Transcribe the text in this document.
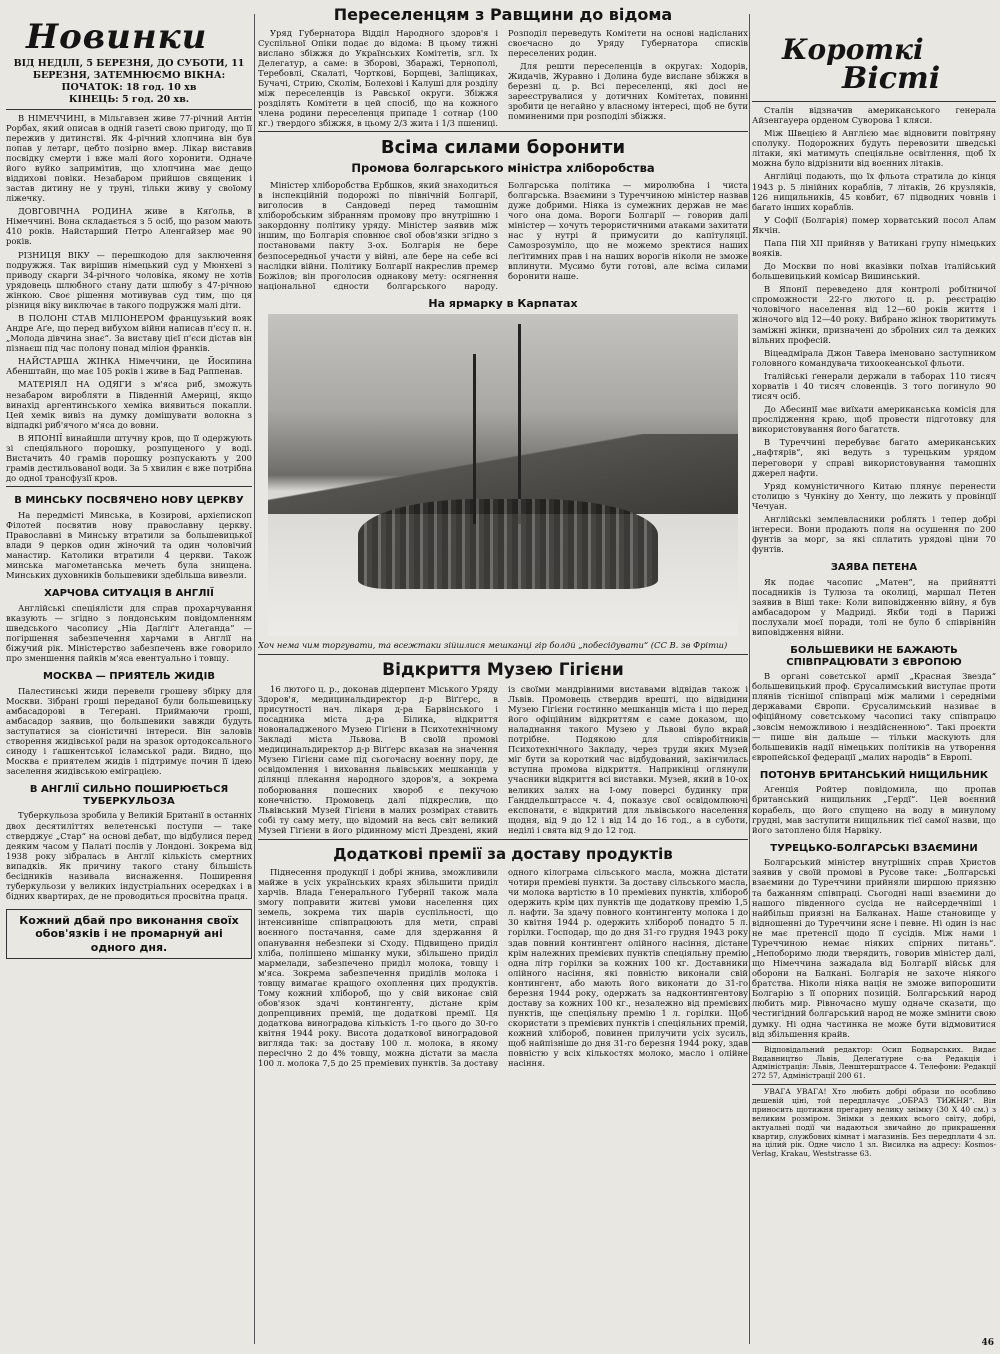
Новинки
ВІД НЕДІЛІ, 5 БЕРЕЗНЯ, ДО СУБОТИ, 11 БЕРЕЗНЯ, ЗАТЕМНЮЄМО ВІКНА:
ПОЧАТОК: 18 год. 10 хв
КІНЕЦЬ: 5 год. 20 хв.

В НІМЕЧЧИНІ, в Мільгавзен живе 77-річний Антін Рорбах, який описав в одній газеті свою пригоду, що її пережив у дитинстві. Як 4-річний хлопчина він був попав у летарг, цебто позірно вмер. Лікар виставив посвідку смерти і вже малі його хоронити. Одначе його вуйко запримітив, що хлопчина має дещо віддихові повіки. Незабаром прийшов священик і застав дитину не у труні, тільки живу у своїому ліжечку.

ДОВГОВІЧНА РОДИНА живе в Кяґольв, в Німеччині. Вона складається з 5 осіб, що разом мають 410 років. Найстарший Петро Аленгайзер має 90 років.

РІЗНИЦЯ ВІКУ — перешкодою для заключення подружжя. Так вирішив німецький суд у Мюнхені з приводу скарги 34-річного чоловіка, якому не хотів урядовець шлюбного стану дати шлюбу з 47-річною жінкою. Своє рішення мотивував суд тим, що ця різниця віку виключає в такого подружжя малі діти.

В ПОЛОНІ СТАВ МІЛІОНЕРОМ французький вояк Андре Аґе, що перед вибухом війни написав п'єсу п. н. „Молода дівчина знає“. За виставу цієї п'єси дістав він пізнаєш під час полону понад міліон франків.

НАЙСТАРША ЖІНКА Німеччини, це Йосипина Абенштайн, що має 105 років і живе в Бад Раппенав.

МАТЕРІЯЛ НА ОДЯГИ з м'яса риб, зможуть незабаром виробляти в Південній Америці, якщо винахід аргентинського хеміка виявиться покапли. Цей хемік вивіз на думку домішувати волокна з відпадкі риб'ячого м'яса до вовни.

В ЯПОНІЇ винайшли штучну кров, що її одержують зі спеціяльного порошку, розпущеного у воді. Вистачить 40 грамів порошку розпускають у 200 грамів дестильованої води. За 5 хвилин є вже потрібна до одної трансфузії кров.

В МИНСЬКУ ПОСВЯЧЕНО НОВУ ЦЕРКВУ

На передмісті Минська, в Козирові, архієпископ Філотей посвятив нову православну церкву. Православні в Минську втратили за большевицької влади 9 церков один жіночий та один чоловічий манастир. Католики втратили 4 церкви. Також минська магометанська мечеть була знищена. Минських духовників большевики здебільша вивезли.

ХАРЧОВА СИТУАЦІЯ В АНГЛІЇ

Англійські спеціялісти для справ прохарчування вказують — згідно з лондонським повідомленням шведського часопису „Ніа Даґліґт Алеганда“ — погіршення забезпечення харчами в Англії на біжучий рік. Міністерство забезпечень вже говорило про зменшення пайків м'яса евентуально і товщу.

МОСКВА — ПРИЯТЕЛЬ ЖИДІВ

Палестинські жиди перевели грошеву збірку для Москви. Зібрані гроші переданої були большевицьку амбасадорові в Тегерані. Приймаючи гроші, амбасадор заявив, що большевики завжди будуть заступатися за сіоністичні інтереси. Він заловів створення жидівської ради на зразок ортодоксального синоду і ґашкентської ісламської ради. Видно, що Москва є приятелем жидів і підтримує почин її ідею заселення жидівською еміграцією.

В АНГЛІЇ СИЛЬНО ПОШИРЮЄТЬСЯ ТУБЕРКУЛЬОЗА

Туберкульоза зробила у Великій Британії в останніх двох десятиліттях велетенські поступи — таке стверджує „Стар“ на основі дебат, що відбулися перед деяким часом у Палаті послів у Лондоні. Зокрема від 1938 року зібралась в Англії кількість смертних випадків. Як причину такого стану більшість бесідників називала виснаження. Поширення туберкульози у великих індустріальних осередках і в бідних квартирах, де не проводиться просвітна праця.

Кожний дбай про виконання своїх обов'язків і не промарнуй ані одного дня.
Переселенцям з Равщини до відома

Уряд Губернатора Відділ Народного здоров'я і Суспільної Опіки подає до відома: В цьому тижні вислано збіжжя до Українських Комітетів, згл. їх Делегатур, а саме: в Зборові, Збаражі, Тернополі, Теребовлі, Скалаті, Чорткові, Борщеві, Заліщиках, Бучачі, Стрию, Сколім, Болехові і Калуші для розділу між переселенців із Равської округи. Збіжжя розділять Комітети в цей спосіб, що на кожного члена родини переселенця припаде 1 сотнар (100 кг.) твердого збіжжя, в цьому 2/3 жита і 1/3 пшениці. Розподіл переведуть Комітети на основі надісланих своєчасно до Уряду Губернатора списків переселених родин.

Для решти переселенців в округах: Ходорів, Жидачів, Журавно і Долина буде вислане збіжжя в березні ц. р. Всі переселенці, які досі не зареєструвалися у дотичних Комітетах, повинні зробити це негайно у власному інтересі, щоб не бути поминеними при розподілі збіжжя.

Всіма силами боронити
Промова болгарського міністра хліборобства

Міністер хліборобства Ербшков, який знаходиться в інспекційній подорожі по північній Болгарії, виголосив в Сандоведі перед тамошнім хліборобським зібранням промову про внутрішню і закордонну політику уряду. Міністер заявив між іншим, що Болгарія сповнює свої обов'язки згідно з постановами пакту 3-ох. Болгарія не бере безпосередньої участи у війні, але бере на себе всі наслідки війни. Політику Болгарії накреслив премєр Божілов; він проголосив однакову мету: осягнення національної єдности болгарського народу. Болгарська політика — миролюбна і чиста болгарська. Взаємини з Туреччиною міністер назвав дуже добрими. Ніяка із сумежних держав не має чого она дома. Вороги Болгарії — говорив далі міністер — хочуть терористичними атаками захитати нас у нутрі й примусити до капітуляції. Самозрозуміло, що не можемо зректися наших леґітимних прав і на наших ворогів ніколи не зможе вплинути. Мусимо бути готові, але всіма силами боронити наше.

На ярмарку в Карпатах
Хоч нема чим торгувати, та всежтаки зійшлися мешканці гір болдй „побесідувати“ (СС В. зв Фрітш)
Відкриття Музею Гігієни

16 лютого ц. р., доконав дідерпент Міського Уряду Здоров'я, медицинальдиректор д-р Віґґерс, в присутності нач. лікаря д-ра Барвінського і посадника міста д-ра Білика, відкриття новоналадженого Музею Гігієни в Психотехнічному Закладі міста Львова. В своїй промові медицинальдиректор д-р Віґґерс вказав на значення Музею Гігієни саме під сьогочасну воєнну пору, де освідомлення і виховання львівських мешканців у ділянці плекання народного здоров'я, а зокрема поборювання пошесних хвороб є пекучою конечністю. Промовець далі підкреслив, що Львівський Музей Гігієни в малих розмірах ставить собі ту саму мету, що відомий на весь світ великий Музей Гігієни в його рідинному місті Дрездені, який із своїми мандрівними виставами відвідав також і Львів. Промовець ствердив врешті, що відвідини Музею Гігієни гостинно мешканців міста і що перед його офіційним відкриттям є саме доказом, що наладнання такого Музею у Львові було вкрай потрібне. Подякою для співробітників Психотехнічного Закладу, через труди яких Музей міг бути за короткий час відбудований, закінчилась вступна промова відкриття. Наприкінці оглянули учасники відкриття всі виставки. Музей, який в 10-ох великих залях на І-ому поверсі будинку при Ґанддельштрассе ч. 4, показує свої освідомлюючі експонати, є відкритий для львівського населення щодня, від 9 до 12 і від 14 до 16 год., а в суботи, неділі і свята від 9 до 12 год.

Додаткові премії за доставу продуктів

Піднесення продукції і добрі жнива, зможливили майже в усіх українських краях збільшити приділ харчів. Влада Генерального Губернії також мала змогу поправити житєві умови населення цих земель, зокрема тих шарів суспільності, що інтенсивніше співпрацюють для мети, справі воєнного постачання, саме для здержання й опанування небезпеки зі Сходу. Підвищено приділ хліба, поліпшено мішанку муки, збільшено приділ мармелади, забезпечено приділ молока, товщу і м'яса. Зокрема забезпечення приділів молока і товщу вимагає кращого охоплення цих продуктів. Тому кожний хлібороб, що у свій виконає свій обов'язок здачі контингенту, дістане крім допрепцивних премій, ще додаткові премії. Ця додаткова виноградова кількість 1-го цього до 30-го квітня 1944 року. Висота додаткової виноградовой вигляда так: за доставу 100 л. молока, в якому пересічно 2 до 4% товщу, можна дістати за масла 100 л. молока 7,5 до 25 преміевих пунктів. За доставу одного кілограма сільського масла, можна дістати чотири преміеві пункти. За доставу сільського масла, чи молока вартістю в 10 преміевих пунктів, хлібороб одержить крім цих пунктів ще додаткову премію 1,5 л. нафти. За здачу повного контингенту молока і до 30 квітня 1944 р. одержить хлібороб понадто 5 л. горілки. Господар, що до дня 31-го грудня 1943 року здав повний контингент олійного насіння, дістане крім належних премієвих пунктів спеціяльну премію одна літр горілки за кожних 100 кг. Доставники олійного насіння, які повністю виконали свій контингент, або мають його виконати до 31-го березня 1944 року, одержать за надконтингентову доставу за кожних 100 кг., незалежно від премієвих пунктів, ще спеціяльну премію 1 л. горілки. Щоб скористати з премієвих пунктів і спеціяльних премій, кожний хлібороб, повинен прилучити усіх зусиль, щоб найпізніше до дня 31-го березня 1944 року, здав повністю у всіх кількостях молоко, масло і олійне насіння.

Короткі
Вісті

Сталін відзначив американського генерала Айзенгауера орденом Суворова 1 кляси.

Між Швецією й Англією має відновити повітряну сполуку. Подорожних будуть перевозити шведські літаки, які матимуть спеціяльне освітлення, щоб їх можна було відрізнити від воєнних літаків.

Англійці подають, що їх фльота стратила до кінця 1943 р. 5 лінійних кораблів, 7 літаків, 26 крузляків, 126 нищильників, 45 ковбит, 67 підводних човнів і багато інших кораблів.

У Софії (Болгарія) помер хорватський посол Алам Якчін.

Папа Пій XII прийняв у Ватикані групу німецьких вояків.

До Москви по нові вказівки поїхав італійський большевицький комісар Вишинський.

В Японії переведено для контролі робітничої спроможности 22-го лютого ц. р. реєстрацію чоловічого населення від 12—60 років життя і жіночого від 12—40 року. Вибрано жінок творитимуть заміжні жінки, призначені до зброїних сил та деяких вільних професій.

Віцеадмірала Джон Тавера іменовано заступником головного командувача тихоокеанської фльоти.

Італійські ґенерали держали в таборах 110 тисяч хорватів і 40 тисяч словенців. З того погинуло 90 тисяч осіб.

До Абесинії має виїхати американська комісія для прослідження краю, щоб провести підготовку для використовування його багатств.

В Туреччині перебуває багато американських „нафтярів“, які ведуть з турецьким урядом переговори у справі використовування тамошніх джерел нафти.

Уряд комуністичного Китаю плянує перенести столицю з Чункіну до Хенту, що лежить у провінції Чечуан.

Англійські землевласники роблять і тепер добрі інтереси. Вони продають поля на осушення по 200 фунтів за морг, за які сплатить урядові ціни 70 фунтів.

ЗАЯВА ПЕТЕНА

Як подає часопис „Матен“, на прийнятті посадників із Тулюза та околиці, маршал Петен заявив в Віші таке: Коли виповідженню війну, я був амбасадором у Мадриді. Якби тоді в Парижі послухали моєї поради, толі не було б співрівнійн виповідження війни.

БОЛЬШЕВИКИ НЕ БАЖАЮТЬ СПІВПРАЦЮВАТИ З ЄВРОПОЮ

В органі совєтської армії „Красная Звезда“ большевицький проф. Єрусалимський виступає проти плянів тіснішої співпраці між малими і середніми державами Європи. Єрусалимський називає в офіційному совєтському часописі таку співпрацю „зовсім неможливою і нездійсненною“. Такі проєкти — пише він дальше — тільки маскують для большевиків надії німецьких політиків на утворення європейської федерації „малих народів“ в Европі.

ПОТОНУВ БРИТАНСЬКИЙ НИЩИЛЬНИК

Агенція Ройтер повідомила, що пропав британський нищильник „Гердї“. Цей воєнний корабель, що його спущено на воду в минулому грудні, мав заступити нищильник тієї самої назви, що його затоплено біля Нарвіку.

ТУРЕЦЬКО-БОЛГАРСЬКІ ВЗАЄМИНИ

Болгарський міністер внутрішніх справ Христов заявив у своїй промові в Русове таке: „Болгарські взаємини до Туреччини прийняли ширшою приязню та бажанням співпраці. Сьогодні наші взаємини до нашого південного сусіда не найсердечніші і найбільш приязні на Балканах. Наше становище у відношенні до Туреччини ясне і певне. Ні один із нас не має претенсії щодо її сусідів. Між нами і Туреччиною немає ніяких спірних питань“. „Непоборимо люди тверядить, говорив міністер далі, що Німеччина зажадала від Болгарії військ для оборони на Балкані. Болгарія не захоче ніякого братства. Ніколи ніяка нація не зможе випорошити Болгарію з її опорних позицій. Болгарський народ любить мир. Рівночасно мушу одначе сказати, що честигідний болгарський народ не може змінити свою думку. Ні одна частинка не може бути відмовитися від збільшення крайв.

Відповідальний редактор: Осип Бодварських. Видає Видавництво Львів, Делеґатурне с-ва Редакція і Адміністрація: Львів, Ленштерштрассе 4. Телефони: Редакції 272 57, Адміністрації 200 61.

УВАГА УВАГА! Хто любить добрі образи по особливо дешевій ціні, той передплачує „ОБРАЗ ТИЖНЯ“. Він приносить щотижня прегарну велику знімку (30 Х 40 см.) з великим розміром. Знімки з деяких всього світу, добрі, актуальні події чи надаються звичайно до прикрашення квартир, службових кімнат і магазинів. Без передплати 4 зл. на цілий рік. Одне число 1 зл. Висилка на адресу: Kosmos-Verlag, Krakau, Weststrasse 63.

46
